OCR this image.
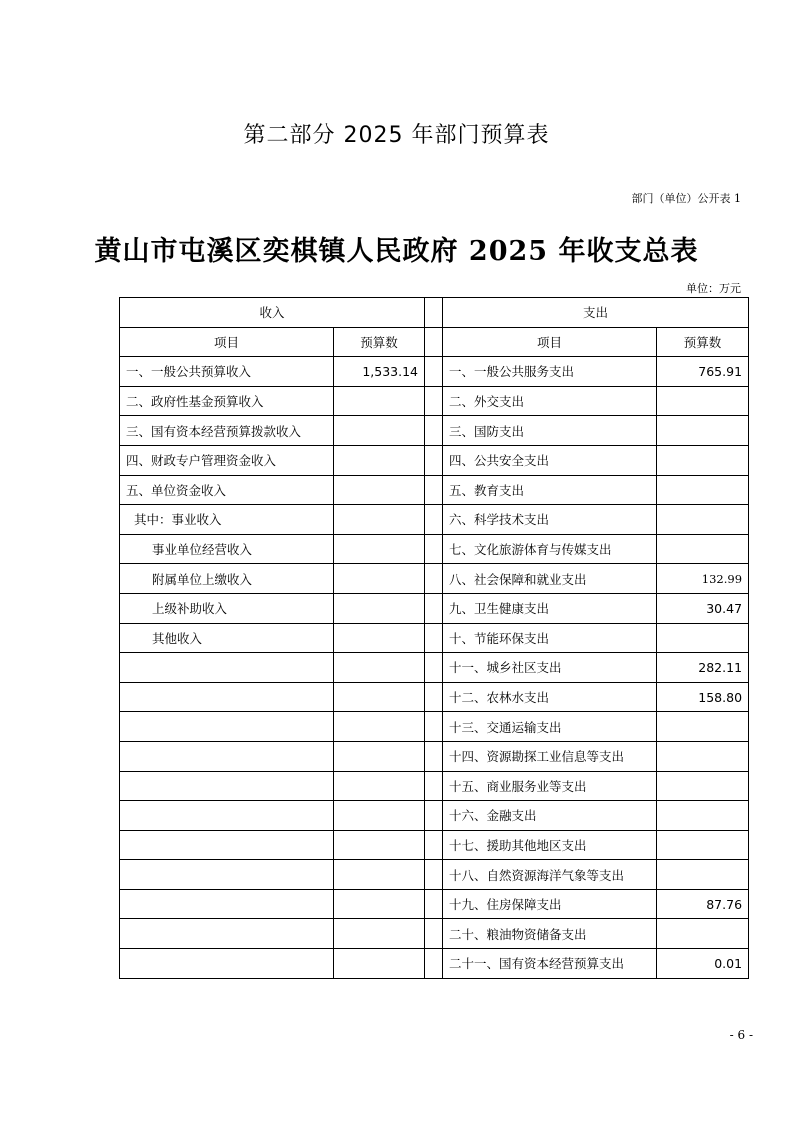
第二部分 2025 年部门预算表
部门（单位）公开表 1
黄山市屯溪区奕棋镇人民政府 2025 年收支总表
单位：万元
收入			支出	
项目	预算数		项目	预算数
一、一般公共预算收入	1,533.14		一、一般公共服务支出	765.91
二、政府性基金预算收入			二、外交支出	
三、国有资本经营预算拨款收入			三、国防支出	
四、财政专户管理资金收入			四、公共安全支出	
五、单位资金收入			五、教育支出	
其中：事业收入			六、科学技术支出	
事业单位经营收入			七、文化旅游体育与传媒支出	
附属单位上缴收入			八、社会保障和就业支出	132.99
上级补助收入			九、卫生健康支出	30.47
其他收入			十、节能环保支出	
			十一、城乡社区支出	282.11
			十二、农林水支出	158.80
			十三、交通运输支出	
			十四、资源勘探工业信息等支出	
			十五、商业服务业等支出	
			十六、金融支出	
			十七、援助其他地区支出	
			十八、自然资源海洋气象等支出	
			十九、住房保障支出	87.76
			二十、粮油物资储备支出	
			二十一、国有资本经营预算支出	0.01
- 6 -
